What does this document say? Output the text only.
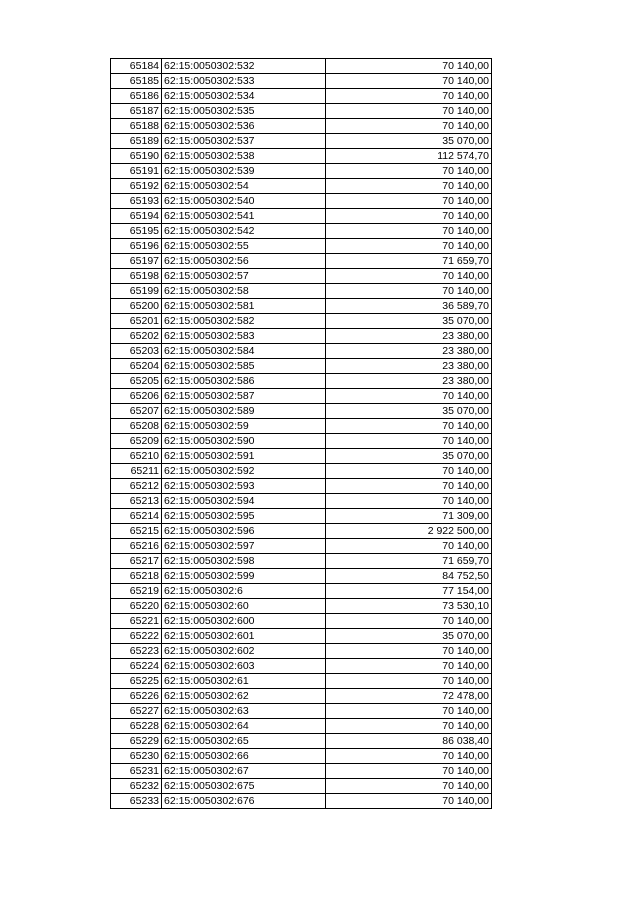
65184	62:15:0050302:532	70 140,00
65185	62:15:0050302:533	70 140,00
65186	62:15:0050302:534	70 140,00
65187	62:15:0050302:535	70 140,00
65188	62:15:0050302:536	70 140,00
65189	62:15:0050302:537	35 070,00
65190	62:15:0050302:538	112 574,70
65191	62:15:0050302:539	70 140,00
65192	62:15:0050302:54	70 140,00
65193	62:15:0050302:540	70 140,00
65194	62:15:0050302:541	70 140,00
65195	62:15:0050302:542	70 140,00
65196	62:15:0050302:55	70 140,00
65197	62:15:0050302:56	71 659,70
65198	62:15:0050302:57	70 140,00
65199	62:15:0050302:58	70 140,00
65200	62:15:0050302:581	36 589,70
65201	62:15:0050302:582	35 070,00
65202	62:15:0050302:583	23 380,00
65203	62:15:0050302:584	23 380,00
65204	62:15:0050302:585	23 380,00
65205	62:15:0050302:586	23 380,00
65206	62:15:0050302:587	70 140,00
65207	62:15:0050302:589	35 070,00
65208	62:15:0050302:59	70 140,00
65209	62:15:0050302:590	70 140,00
65210	62:15:0050302:591	35 070,00
65211	62:15:0050302:592	70 140,00
65212	62:15:0050302:593	70 140,00
65213	62:15:0050302:594	70 140,00
65214	62:15:0050302:595	71 309,00
65215	62:15:0050302:596	2 922 500,00
65216	62:15:0050302:597	70 140,00
65217	62:15:0050302:598	71 659,70
65218	62:15:0050302:599	84 752,50
65219	62:15:0050302:6	77 154,00
65220	62:15:0050302:60	73 530,10
65221	62:15:0050302:600	70 140,00
65222	62:15:0050302:601	35 070,00
65223	62:15:0050302:602	70 140,00
65224	62:15:0050302:603	70 140,00
65225	62:15:0050302:61	70 140,00
65226	62:15:0050302:62	72 478,00
65227	62:15:0050302:63	70 140,00
65228	62:15:0050302:64	70 140,00
65229	62:15:0050302:65	86 038,40
65230	62:15:0050302:66	70 140,00
65231	62:15:0050302:67	70 140,00
65232	62:15:0050302:675	70 140,00
65233	62:15:0050302:676	70 140,00
